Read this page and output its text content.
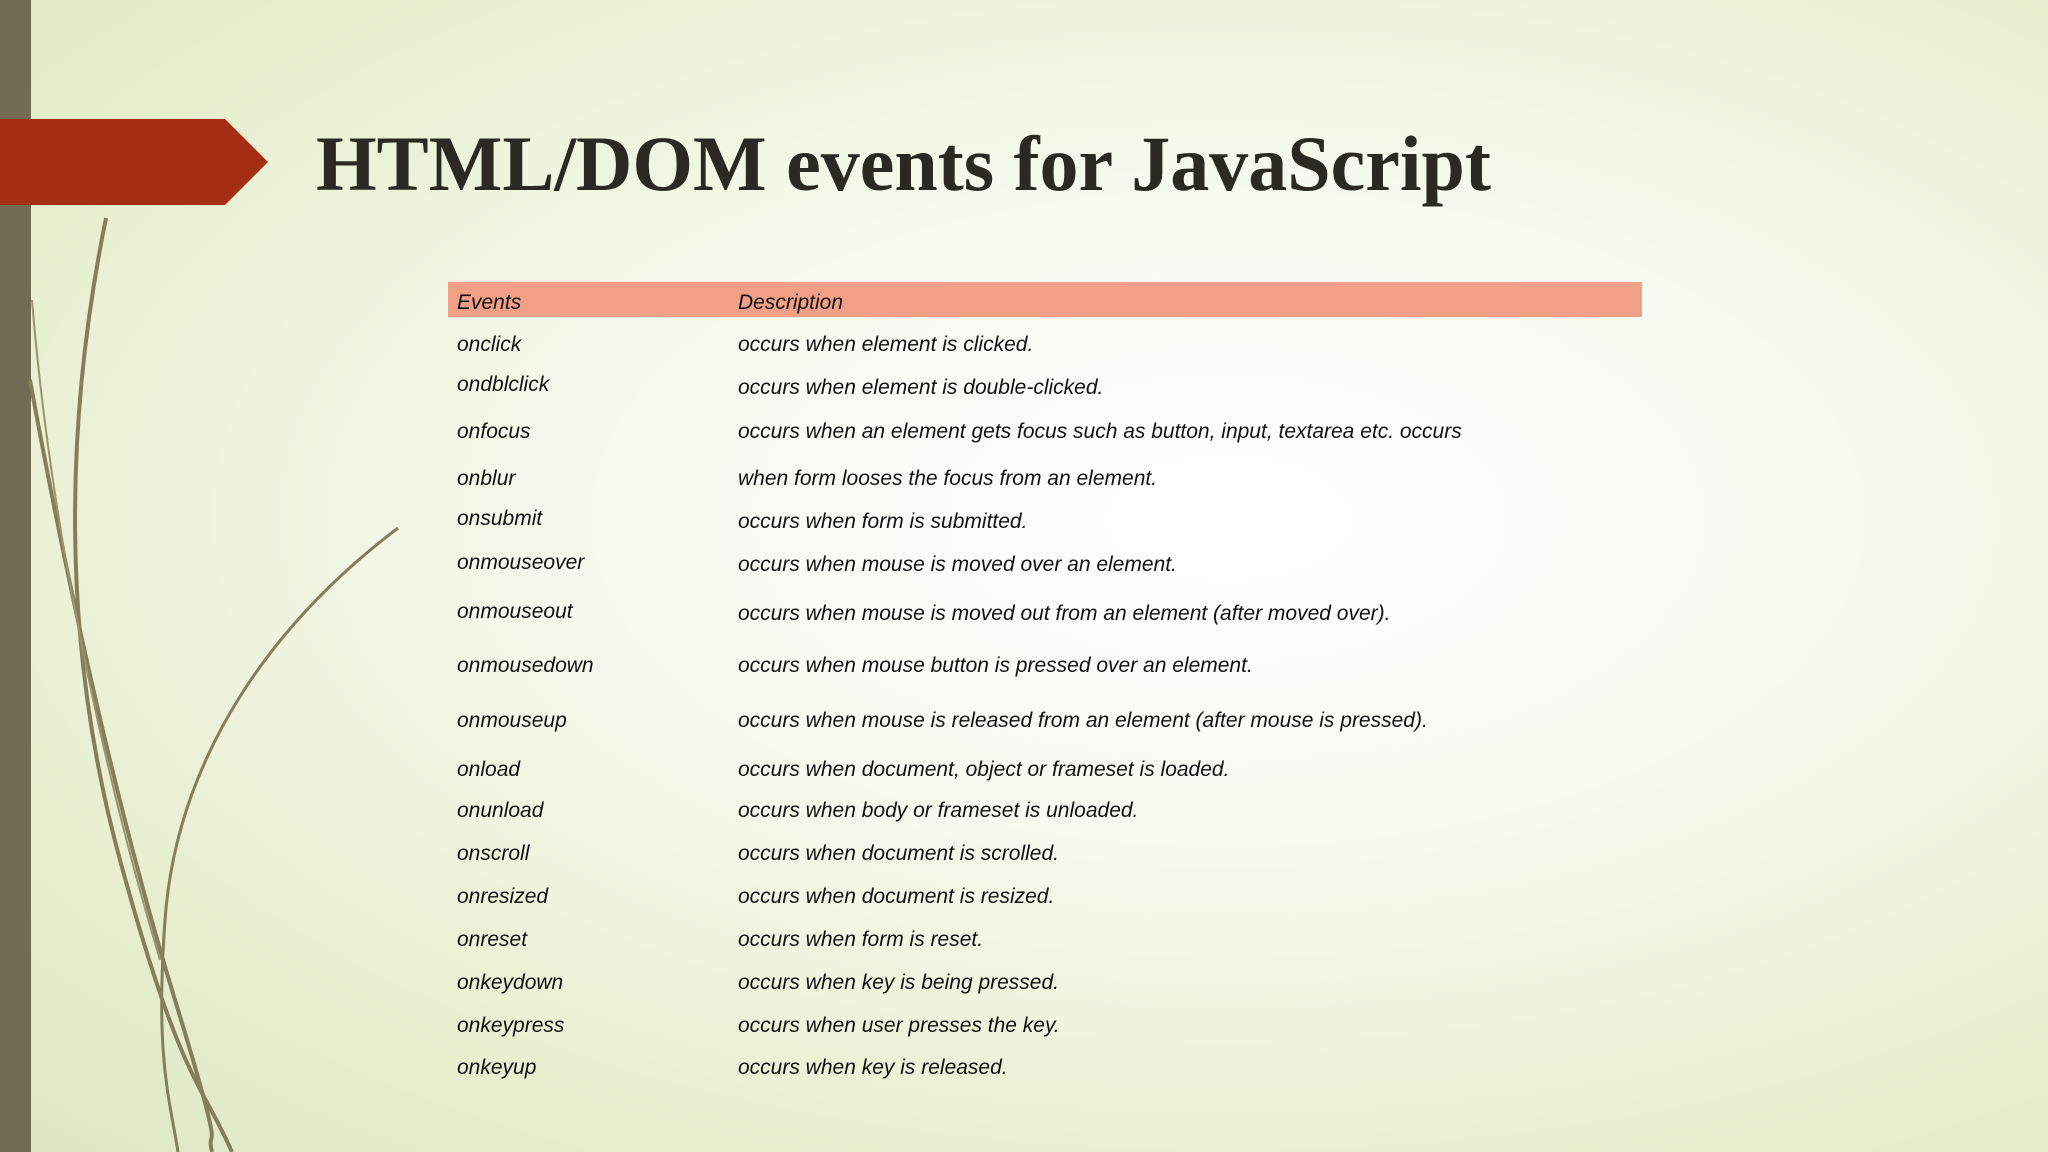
HTML/DOM events for JavaScript
Events	Description
onclick	occurs when element is clicked.
ondblclick	occurs when element is double-clicked.
onfocus	occurs when an element gets focus such as button, input, textarea etc. occurs
onblur	when form looses the focus from an element.
onsubmit	occurs when form is submitted.
onmouseover	occurs when mouse is moved over an element.
onmouseout	occurs when mouse is moved out from an element (after moved over).
onmousedown	occurs when mouse button is pressed over an element.
onmouseup	occurs when mouse is released from an element (after mouse is pressed).
onload	occurs when document, object or frameset is loaded.
onunload	occurs when body or frameset is unloaded.
onscroll	occurs when document is scrolled.
onresized	occurs when document is resized.
onreset	occurs when form is reset.
onkeydown	occurs when key is being pressed.
onkeypress	occurs when user presses the key.
onkeyup	occurs when key is released.
